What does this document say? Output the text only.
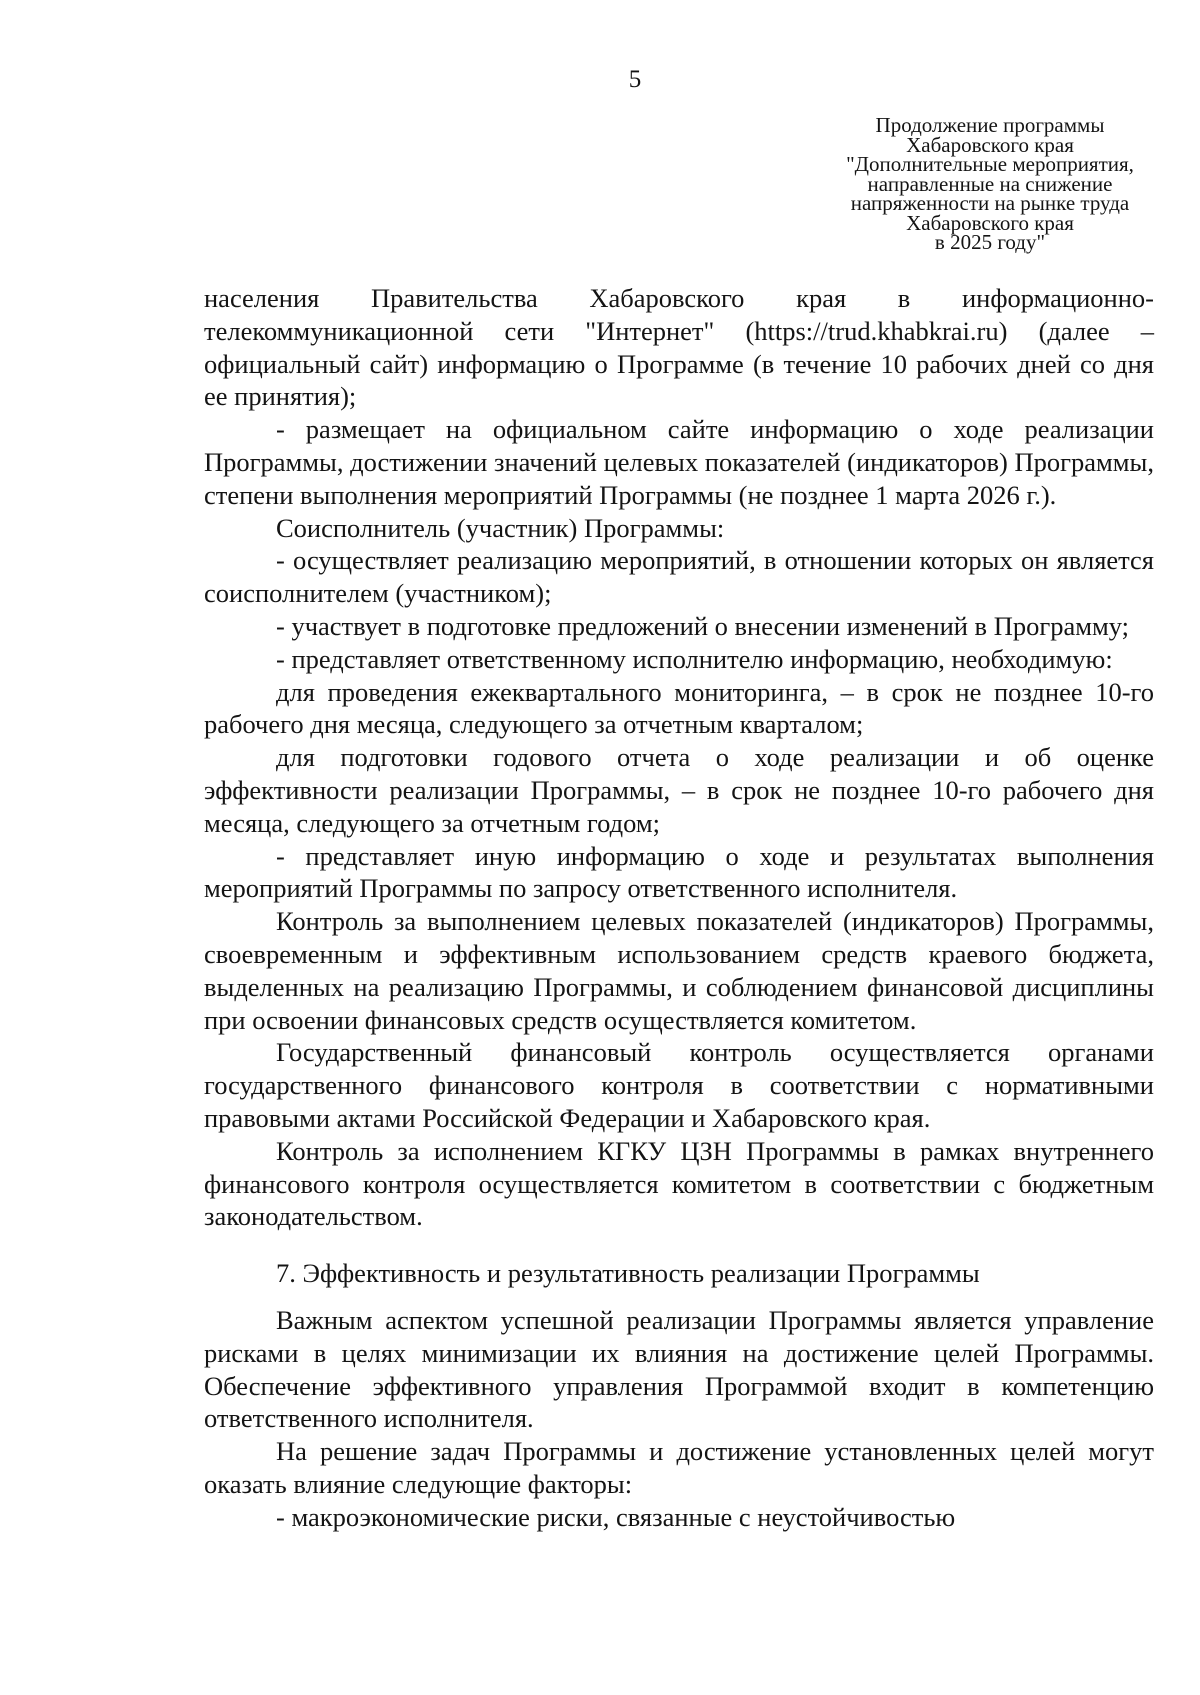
5
Продолжение программы
Хабаровского края
"Дополнительные мероприятия,
направленные на снижение
напряженности на рынке труда
Хабаровского края
в 2025 году"

населения Правительства Хабаровского края в информационно-телекоммуникационной сети "Интернет" (https://trud.khabkrai.ru) (далее – официальный сайт) информацию о Программе (в течение 10 рабочих дней со дня ее принятия);

- размещает на официальном сайте информацию о ходе реализации Программы, достижении значений целевых показателей (индикаторов) Программы, степени выполнения мероприятий Программы (не позднее 1 марта 2026 г.).

Соисполнитель (участник) Программы:

- осуществляет реализацию мероприятий, в отношении которых он является соисполнителем (участником);

- участвует в подготовке предложений о внесении изменений в Программу;

- представляет ответственному исполнителю информацию, необходимую:

для проведения ежеквартального мониторинга, – в срок не позднее 10-го рабочего дня месяца, следующего за отчетным кварталом;

для подготовки годового отчета о ходе реализации и об оценке эффективности реализации Программы, – в срок не позднее 10-го рабочего дня месяца, следующего за отчетным годом;

- представляет иную информацию о ходе и результатах выполнения мероприятий Программы по запросу ответственного исполнителя.

Контроль за выполнением целевых показателей (индикаторов) Программы, своевременным и эффективным использованием средств краевого бюджета, выделенных на реализацию Программы, и соблюдением финансовой дисциплины при освоении финансовых средств осуществляется комитетом.

Государственный финансовый контроль осуществляется органами государственного финансового контроля в соответствии с нормативными правовыми актами Российской Федерации и Хабаровского края.

Контроль за исполнением КГКУ ЦЗН Программы в рамках внутреннего финансового контроля осуществляется комитетом в соответствии с бюджетным законодательством.

7. Эффективность и результативность реализации Программы

Важным аспектом успешной реализации Программы является управление рисками в целях минимизации их влияния на достижение целей Программы. Обеспечение эффективного управления Программой входит в компетенцию ответственного исполнителя.

На решение задач Программы и достижение установленных целей могут оказать влияние следующие факторы:

- макроэкономические риски, связанные с неустойчивостью
